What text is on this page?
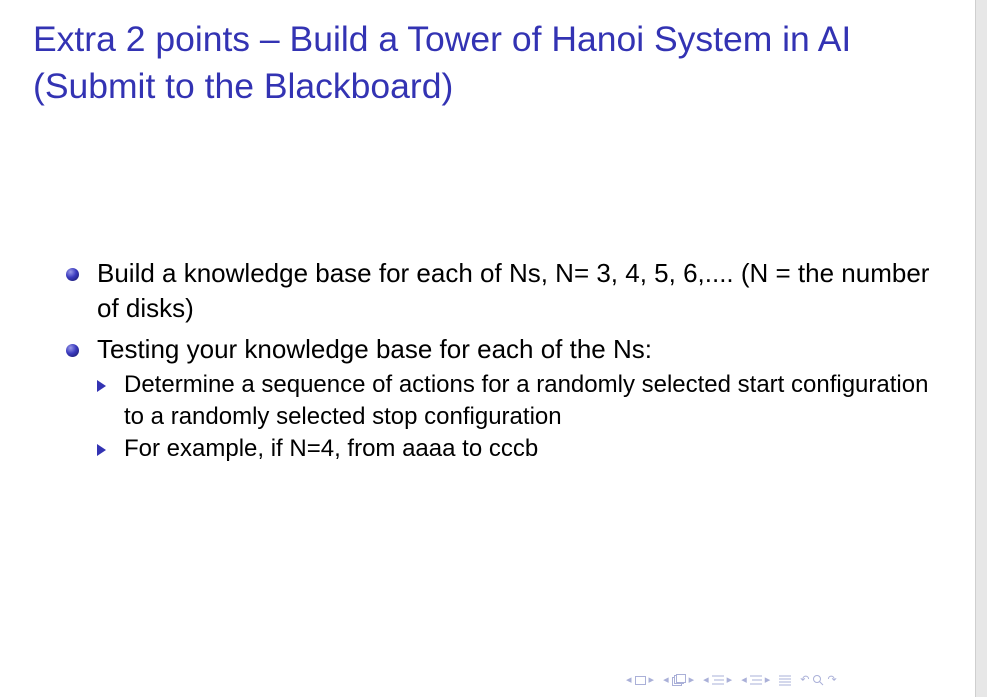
Extra 2 points – Build a Tower of Hanoi System in AI (Submit to the Blackboard)
Build a knowledge base for each of Ns, N= 3, 4, 5, 6,.... (N = the number of disks)
Testing your knowledge base for each of the Ns:
Determine a sequence of actions for a randomly selected start configuration to a randomly selected stop configuration
For example, if N=4, from aaaa to cccb
◂ ▸ ◂ ▸ ◂ ▸ ◂ ▸	↶ ↷
